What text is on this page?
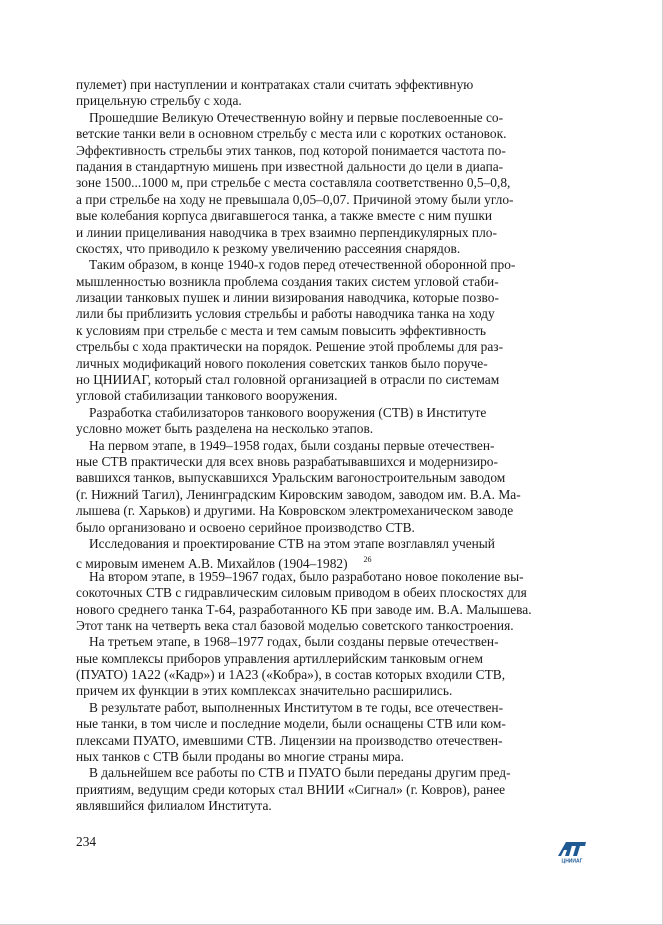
пулемет) при наступлении и контратаках стали считать эффективную
прицельную стрельбу с хода.
Прошедшие Великую Отечественную войну и первые послевоенные со-
ветские танки вели в основном стрельбу с места или с коротких остановок.
Эффективность стрельбы этих танков, под которой понимается частота по-
падания в стандартную мишень при известной дальности до цели в диапа-
зоне 1500...1000 м, при стрельбе с места составляла соответственно 0,5–0,8,
а при стрельбе на ходу не превышала 0,05–0,07. Причиной этому были угло-
вые колебания корпуса двигавшегося танка, а также вместе с ним пушки
и линии прицеливания наводчика в трех взаимно перпендикулярных пло-
скостях, что приводило к резкому увеличению рассеяния снарядов.
Таким образом, в конце 1940-х годов перед отечественной оборонной про-
мышленностью возникла проблема создания таких систем угловой стаби-
лизации танковых пушек и линии визирования наводчика, которые позво-
лили бы приблизить условия стрельбы и работы наводчика танка на ходу
к условиям при стрельбе с места и тем самым повысить эффективность
стрельбы с хода практически на порядок. Решение этой проблемы для раз-
личных модификаций нового поколения советских танков было поруче-
но ЦНИИАГ, который стал головной организацией в отрасли по системам
угловой стабилизации танкового вооружения.
Разработка стабилизаторов танкового вооружения (СТВ) в Институте
условно может быть разделена на несколько этапов.
На первом этапе, в 1949–1958 годах, были созданы первые отечествен-
ные СТВ практически для всех вновь разрабатывавшихся и модернизиро-
вавшихся танков, выпускавшихся Уральским вагоностроительным заводом
(г. Нижний Тагил), Ленинградским Кировским заводом, заводом им. В.А. Ма-
лышева (г. Харьков) и другими. На Ковровском электромеханическом заводе
было организовано и освоено серийное производство СТВ.
Исследования и проектирование СТВ на этом этапе возглавлял ученый
с мировым именем А.В. Михайлов (1904–1982) $^{26}$
На втором этапе, в 1959–1967 годах, было разработано новое поколение вы-
сокоточных СТВ с гидравлическим силовым приводом в обеих плоскостях для
нового среднего танка Т-64, разработанного КБ при заводе им. В.А. Малышева.
Этот танк на четверть века стал базовой моделью советского танкостроения.
На третьем этапе, в 1968–1977 годах, были созданы первые отечествен-
ные комплексы приборов управления артиллерийским танковым огнем
(ПУАТО) 1А22 («Кадр») и 1А23 («Кобра»), в состав которых входили СТВ,
причем их функции в этих комплексах значительно расширились.
В результате работ, выполненных Институтом в те годы, все отечествен-
ные танки, в том числе и последние модели, были оснащены СТВ или ком-
плексами ПУАТО, имевшими СТВ. Лицензии на производство отечествен-
ных танков с СТВ были проданы во многие страны мира.
В дальнейшем все работы по СТВ и ПУАТО были переданы другим пред-
приятиям, ведущим среди которых стал ВНИИ «Сигнал» (г. Ковров), ранее
являвшийся филиалом Института.
234
ЦНИИАГ
